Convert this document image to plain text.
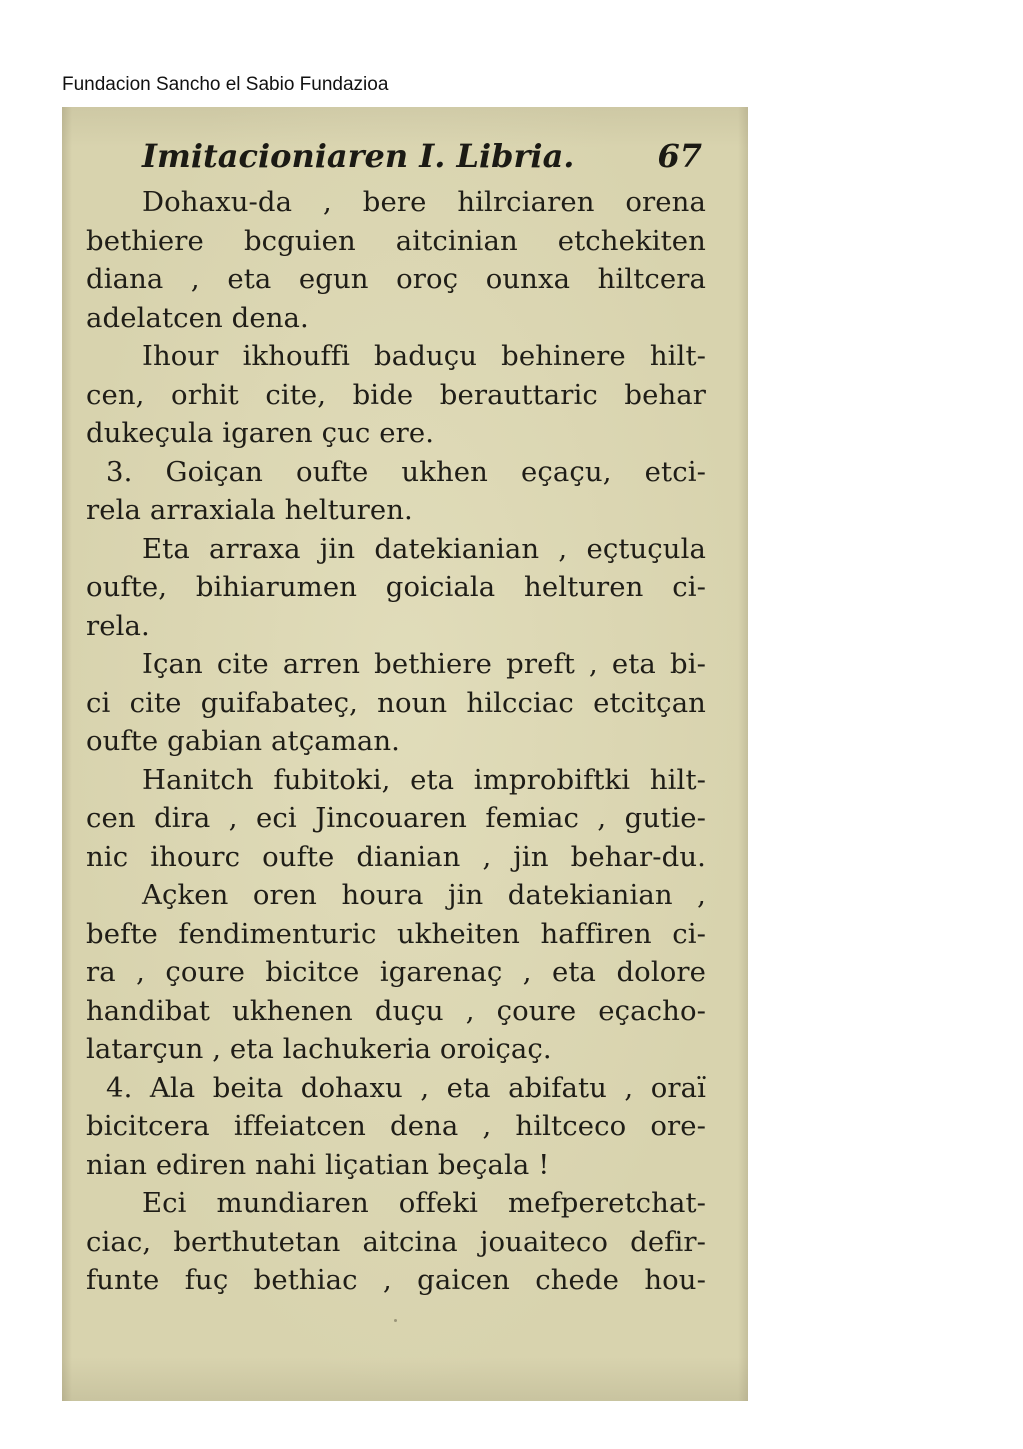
Fundacion Sancho el Sabio Fundazioa
Imitacioniaren I. Libria.	67
Dohaxu-da , bere hilrciaren orena
bethiere bcguien aitcinian etchekiten
diana , eta egun oroç ounxa hiltcera
adelatcen dena.
Ihour ikhouffi baduçu behinere hilt-
cen, orhit cite, bide berauttaric behar
dukeçula igaren çuc ere.
3. Goiçan oufte ukhen eçaçu, etci-
rela arraxiala helturen.
Eta arraxa jin datekianian , eçtuçula
oufte, bihiarumen goiciala helturen ci-
rela.
Içan cite arren bethiere preft , eta bi-
ci cite guifabateç, noun hilcciac etcitçan
oufte gabian atçaman.
Hanitch fubitoki, eta improbiftki hilt-
cen dira , eci Jincouaren femiac , gutie-
nic ihourc oufte dianian , jin behar-du.
Açken oren houra jin datekianian ,
befte fendimenturic ukheiten haffiren ci-
ra , çoure bicitce igarenaç , eta dolore
handibat ukhenen duçu , çoure eçacho-
latarçun , eta lachukeria oroiçaç.
4. Ala beita dohaxu , eta abifatu , oraï
bicitcera iffeiatcen dena , hiltceco ore-
nian ediren nahi liçatian beçala !
Eci mundiaren offeki mefperetchat-
ciac, berthutetan aitcina jouaiteco defir-
funte fuç bethiac , gaicen chede hou-
